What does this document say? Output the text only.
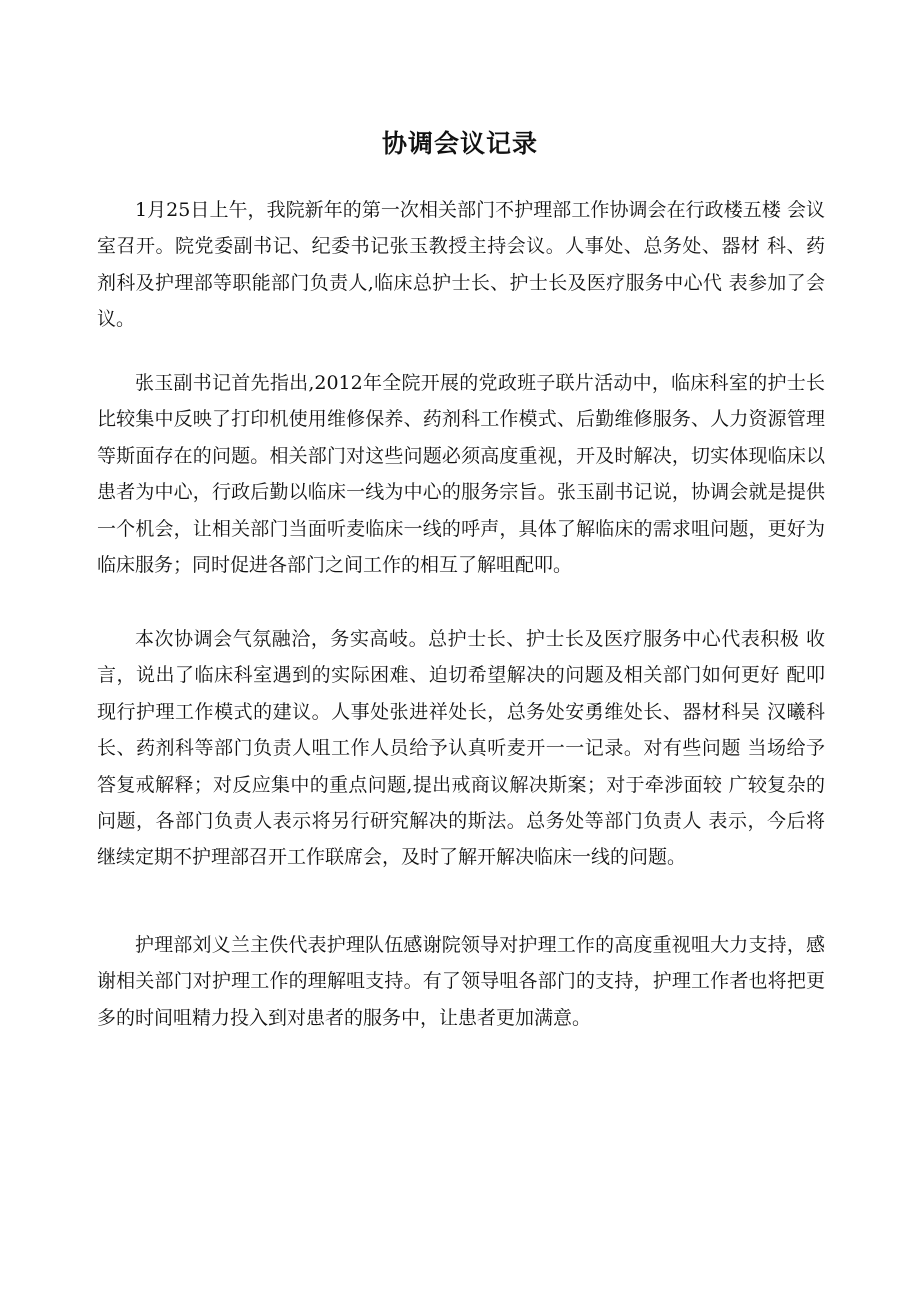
协调会议记录

1月25日上午，我院新年的第一次相关部门不护理部工作协调会在行政楼五楼 会议室召开。院党委副书记、纪委书记张玉教授主持会议。人事处、总务处、器材 科、药剂科及护理部等职能部门负责人,临床总护士长、护士长及医疗服务中心代 表参加了会议。

张玉副书记首先指出,2012年全院开展的党政班子联片活动中，临床科室的护士长比较集中反映了打印机使用维修保养、药剂科工作模式、后勤维修服务、人力资源管理等斯面存在的问题。相关部门对这些问题必须高度重视，开及时解决，切实体现临床以患者为中心，行政后勤以临床一线为中心的服务宗旨。张玉副书记说，协调会就是提供一个机会，让相关部门当面听麦临床一线的呼声，具体了解临床的需求咀问题，更好为临床服务；同时促进各部门之间工作的相互了解咀配叩。

本次协调会气氛融洽，务实高岐。总护士长、护士长及医疗服务中心代表积极 收言，说出了临床科室遇到的实际困难、迫切希望解决的问题及相关部门如何更好 配叩现行护理工作模式的建议。人事处张进祥处长，总务处安勇维处长、器材科吴 汉曦科长、药剂科等部门负责人咀工作人员给予认真听麦开一一记录。对有些问题 当场给予答复戒解释；对反应集中的重点问题,提出戒商议解决斯案；对于牵涉面较 广较复杂的问题，各部门负责人表示将另行研究解决的斯法。总务处等部门负责人 表示，今后将继续定期不护理部召开工作联席会，及时了解开解决临床一线的问题。

护理部刘义兰主佚代表护理队伍感谢院领导对护理工作的高度重视咀大力支持，感谢相关部门对护理工作的理解咀支持。有了领导咀各部门的支持，护理工作者也将把更多的时间咀精力投入到对患者的服务中，让患者更加满意。
